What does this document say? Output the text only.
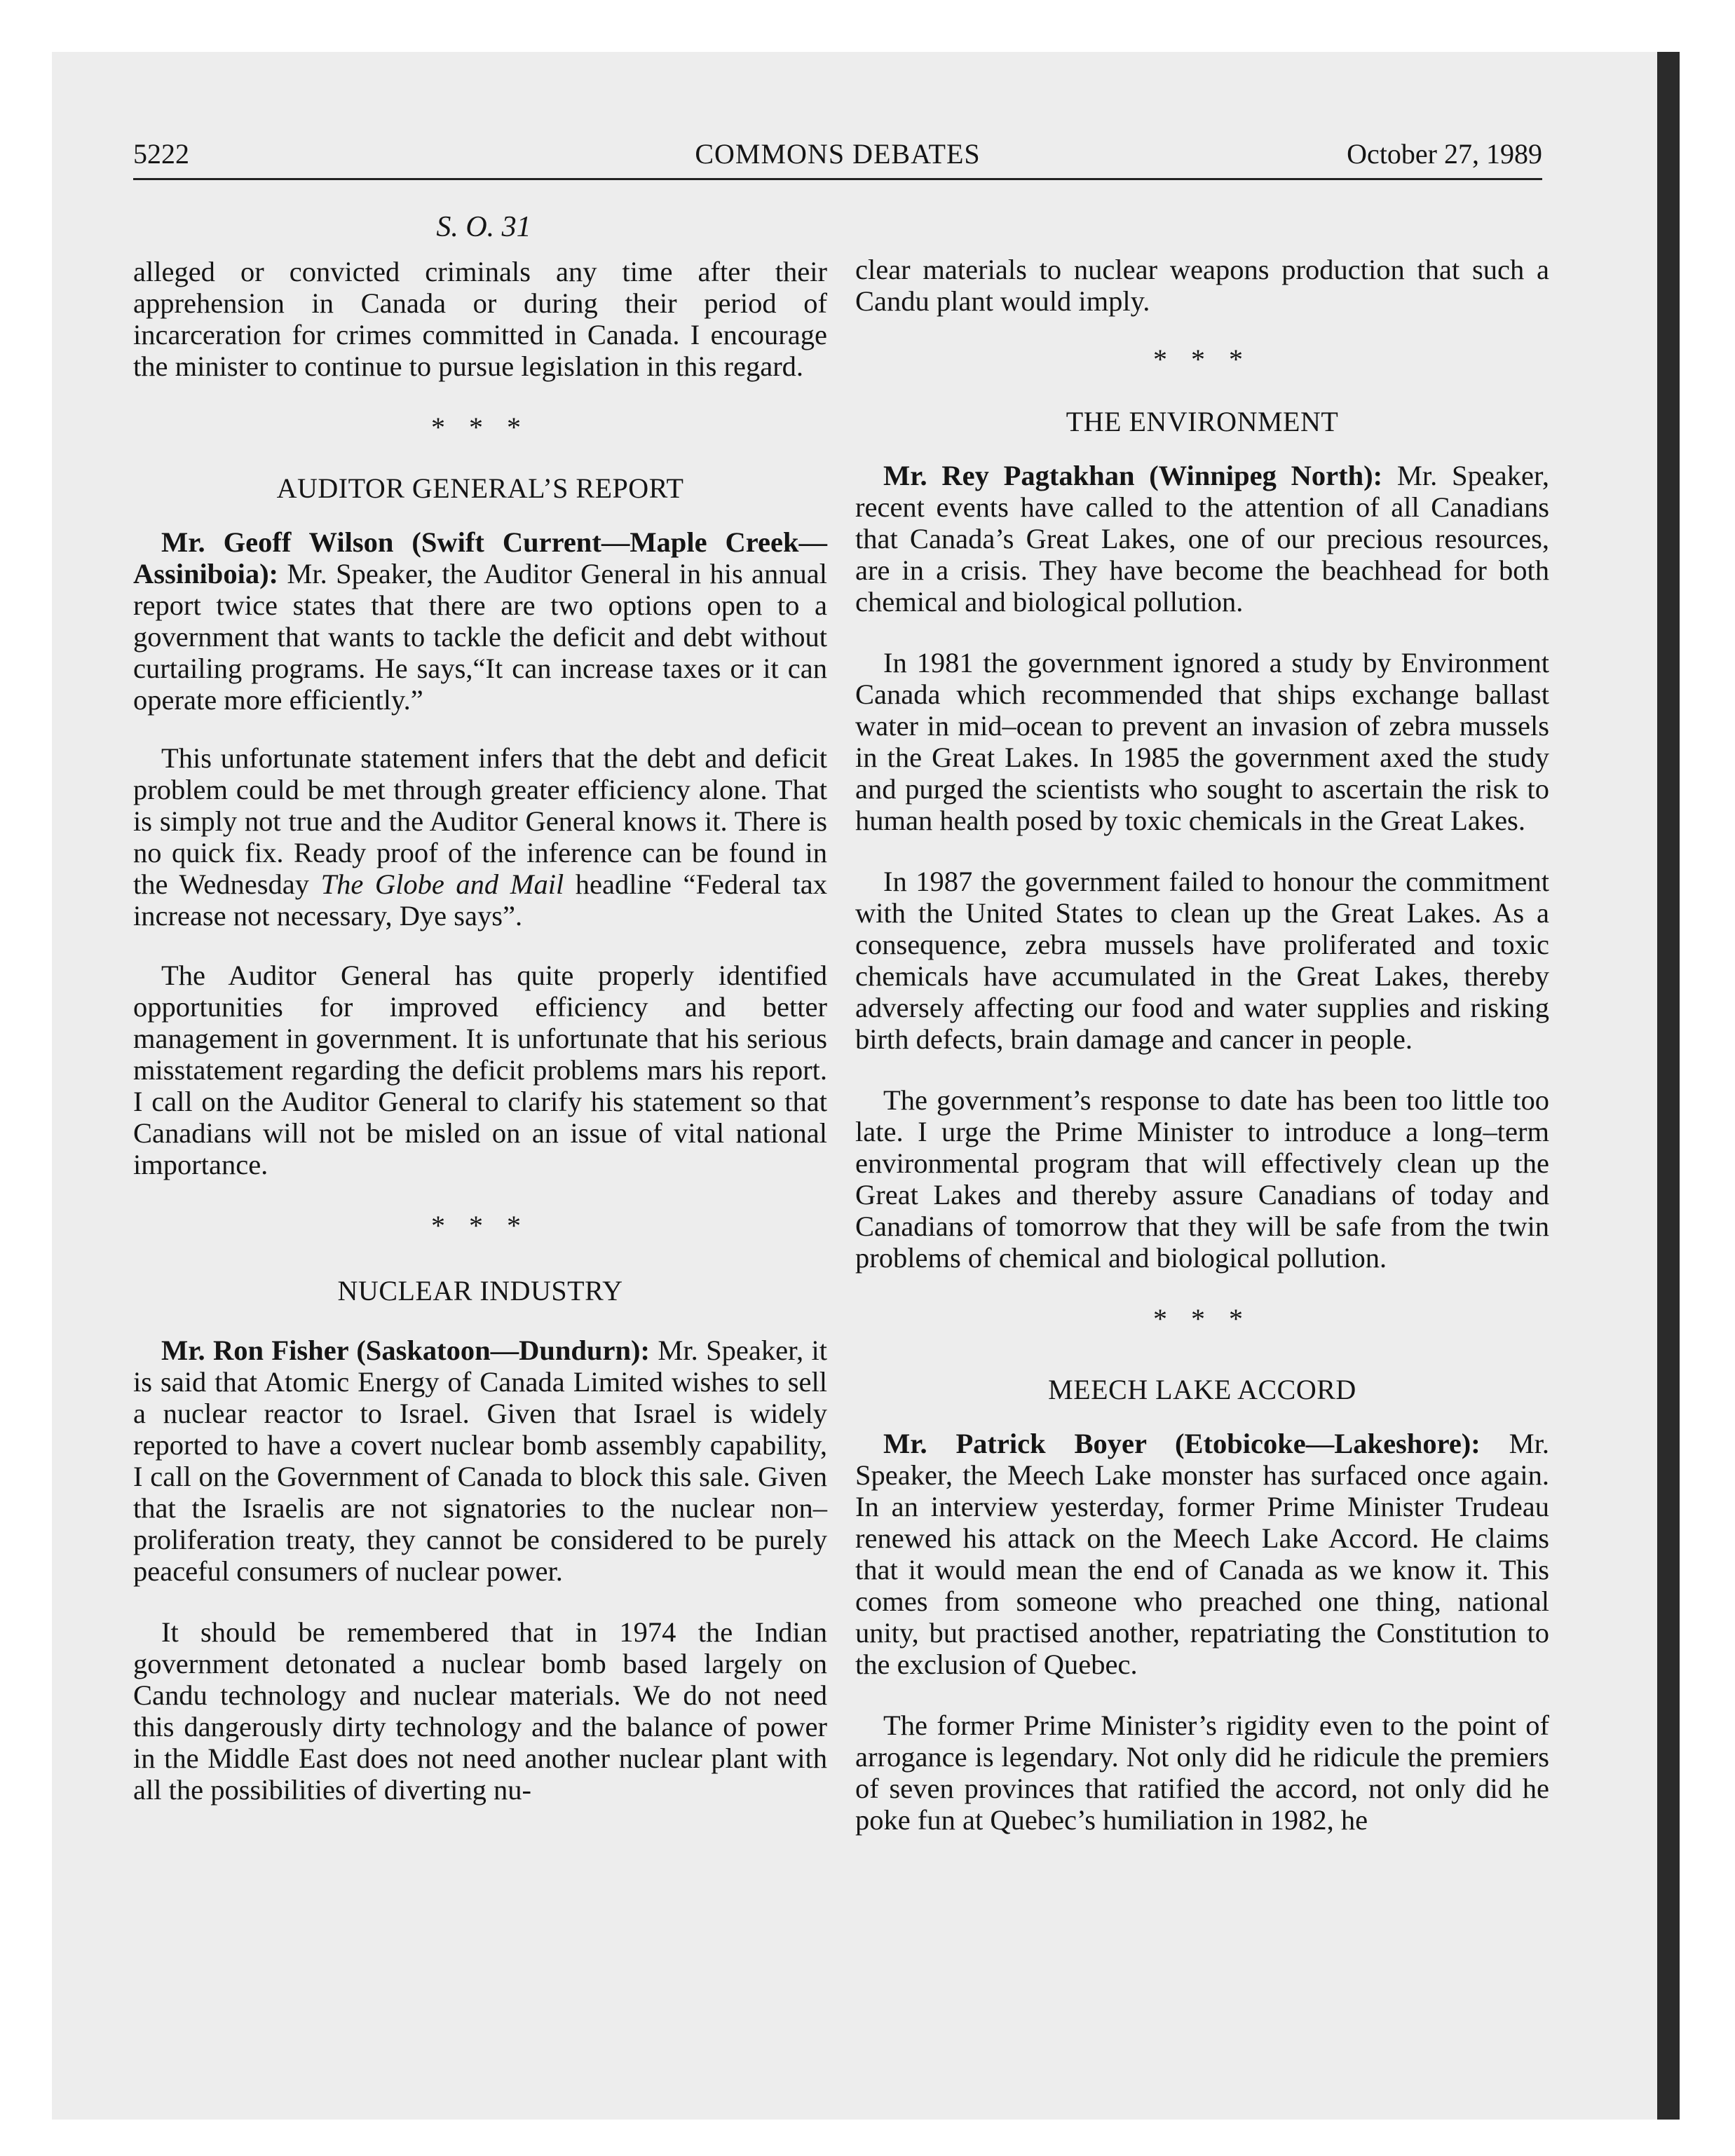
5222	COMMONS DEBATES	October 27, 1989
S. O. 31

alleged or convicted criminals any time after their apprehension in Canada or during their period of incarceration for crimes committed in Canada. I encourage the minister to continue to pursue legislation in this regard.

* * *
AUDITOR GENERAL’S REPORT

Mr. Geoff Wilson (Swift Current—Maple Creek—Assiniboia): Mr. Speaker, the Auditor General in his annual report twice states that there are two options open to a government that wants to tackle the deficit and debt without curtailing programs. He says,“It can increase taxes or it can operate more efficiently.”

This unfortunate statement infers that the debt and deficit problem could be met through greater efficiency alone. That is simply not true and the Auditor General knows it. There is no quick fix. Ready proof of the inference can be found in the Wednesday The Globe and Mail headline “Federal tax increase not necessary, Dye says”.

The Auditor General has quite properly identified opportunities for improved efficiency and better management in government. It is unfortunate that his serious misstatement regarding the deficit problems mars his report. I call on the Auditor General to clarify his statement so that Canadians will not be misled on an issue of vital national importance.

* * *
NUCLEAR INDUSTRY

Mr. Ron Fisher (Saskatoon—Dundurn): Mr. Speaker, it is said that Atomic Energy of Canada Limited wishes to sell a nuclear reactor to Israel. Given that Israel is widely reported to have a covert nuclear bomb assembly capability, I call on the Government of Canada to block this sale. Given that the Israelis are not signatories to the nuclear non–proliferation treaty, they cannot be considered to be purely peaceful consumers of nuclear power.

It should be remembered that in 1974 the Indian government detonated a nuclear bomb based largely on Candu technology and nuclear materials. We do not need this dangerously dirty technology and the balance of power in the Middle East does not need another nuclear plant with all the possibilities of diverting nu-

clear materials to nuclear weapons production that such a Candu plant would imply.

* * *
THE ENVIRONMENT

Mr. Rey Pagtakhan (Winnipeg North): Mr. Speaker, recent events have called to the attention of all Canadians that Canada’s Great Lakes, one of our precious resources, are in a crisis. They have become the beachhead for both chemical and biological pollution.

In 1981 the government ignored a study by Environment Canada which recommended that ships exchange ballast water in mid–ocean to prevent an invasion of zebra mussels in the Great Lakes. In 1985 the government axed the study and purged the scientists who sought to ascertain the risk to human health posed by toxic chemicals in the Great Lakes.

In 1987 the government failed to honour the commitment with the United States to clean up the Great Lakes. As a consequence, zebra mussels have proliferated and toxic chemicals have accumulated in the Great Lakes, thereby adversely affecting our food and water supplies and risking birth defects, brain damage and cancer in people.

The government’s response to date has been too little too late. I urge the Prime Minister to introduce a long–term environmental program that will effectively clean up the Great Lakes and thereby assure Canadians of today and Canadians of tomorrow that they will be safe from the twin problems of chemical and biological pollution.

* * *
MEECH LAKE ACCORD

Mr. Patrick Boyer (Etobicoke—Lakeshore): Mr. Speaker, the Meech Lake monster has surfaced once again. In an interview yesterday, former Prime Minister Trudeau renewed his attack on the Meech Lake Accord. He claims that it would mean the end of Canada as we know it. This comes from someone who preached one thing, national unity, but practised another, repatriating the Constitution to the exclusion of Quebec.

The former Prime Minister’s rigidity even to the point of arrogance is legendary. Not only did he ridicule the premiers of seven provinces that ratified the accord, not only did he poke fun at Quebec’s humiliation in 1982, he
